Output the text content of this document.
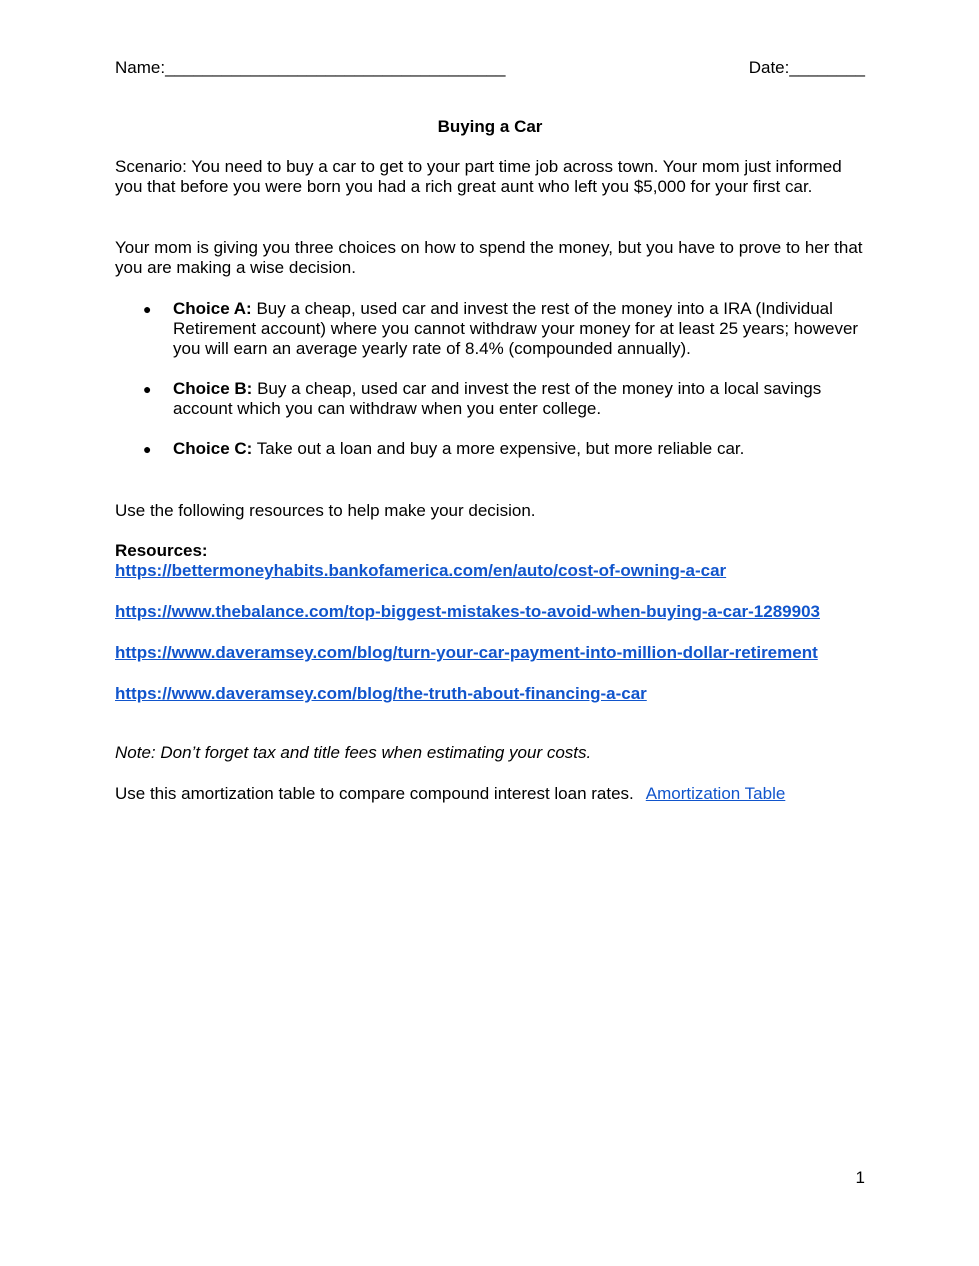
Name:____________________________________	Date:________
Buying a Car

Scenario: You need to buy a car to get to your part time job across town. Your mom just informed you that before you were born you had a rich great aunt who left you $5,000 for your first car.

Your mom is giving you three choices on how to spend the money, but you have to prove to her that you are making a wise decision.

● Choice A: Buy a cheap, used car and invest the rest of the money into a IRA (Individual Retirement account) where you cannot withdraw your money for at least 25 years; however you will earn an average yearly rate of 8.4% (compounded annually).
● Choice B: Buy a cheap, used car and invest the rest of the money into a local savings account which you can withdraw when you enter college.
● Choice C: Take out a loan and buy a more expensive, but more reliable car.

Use the following resources to help make your decision.

Resources:
https://bettermoneyhabits.bankofamerica.com/en/auto/cost-of-owning-a-car
https://www.thebalance.com/top-biggest-mistakes-to-avoid-when-buying-a-car-1289903
https://www.daveramsey.com/blog/turn-your-car-payment-into-million-dollar-retirement
https://www.daveramsey.com/blog/the-truth-about-financing-a-car

Note: Don’t forget tax and title fees when estimating your costs.

Use this amortization table to compare compound interest loan rates. Amortization Table

1
